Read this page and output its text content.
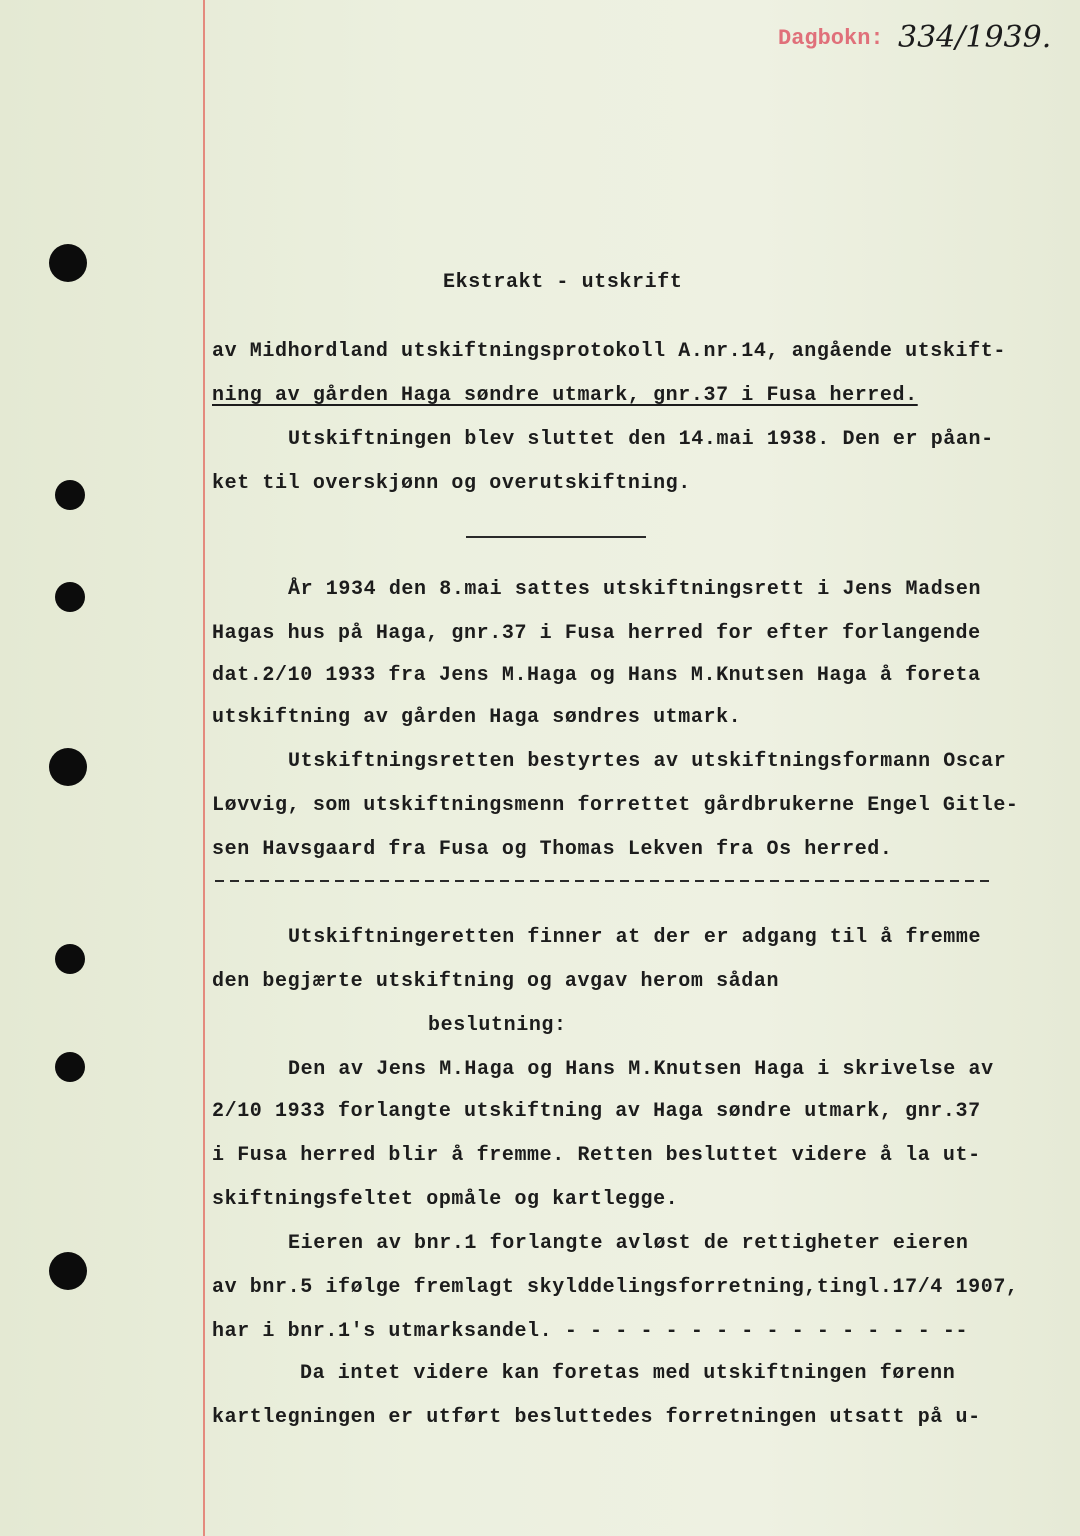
Dagbokn: 334/1939.
Ekstrakt - utskrift
av Midhordland utskiftningsprotokoll A.nr.14, angående utskift-
ning av gården Haga søndre utmark, gnr.37 i Fusa herred.
Utskiftningen blev sluttet den 14.mai 1938. Den er påan-
ket til overskjønn og overutskiftning.
År 1934 den 8.mai sattes utskiftningsrett i Jens Madsen
Hagas hus på Haga, gnr.37 i Fusa herred for efter forlangende
dat.2/10 1933 fra Jens M.Haga og Hans M.Knutsen Haga å foreta
utskiftning av gården Haga søndres utmark.
Utskiftningsretten bestyrtes av utskiftningsformann Oscar
Løvvig, som utskiftningsmenn forrettet gårdbrukerne Engel Gitle-
sen Havsgaard fra Fusa og Thomas Lekven fra Os herred.
Utskiftningeretten finner at der er adgang til å fremme
den begjærte utskiftning og avgav herom sådan
beslutning:
Den av Jens M.Haga og Hans M.Knutsen Haga i skrivelse av
2/10 1933 forlangte utskiftning av Haga søndre utmark, gnr.37
i Fusa herred blir å fremme. Retten besluttet videre å la ut-
skiftningsfeltet opmåle og kartlegge.
Eieren av bnr.1 forlangte avløst de rettigheter eieren
av bnr.5 ifølge fremlagt skylddelingsforretning,tingl.17/4 1907,
har i bnr.1's utmarksandel. - - - - - - - - - - - - - - - --
Da intet videre kan foretas med utskiftningen førenn
kartlegningen er utført besluttedes forretningen utsatt på u-
